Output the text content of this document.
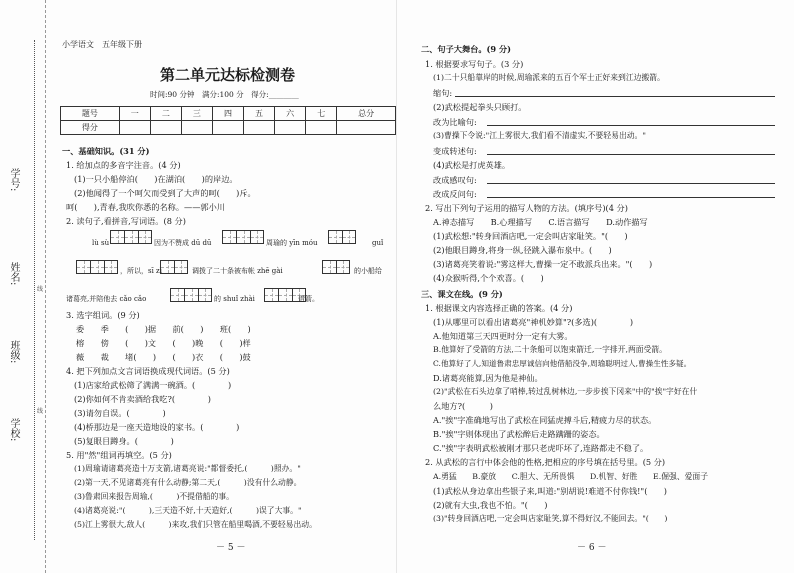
学号:
姓名:
班级:
学校:
线
线
小学语文　五年级下册
第二单元达标检测卷
时间:90 分钟　满分:100 分　得分:________
题号	一	二	三	四	五	六	七	总分
得分								
一、基础知识。(31 分)
1. 给加点的多音字注音。(4 分)
(1)一只小船停泊(　　)在湖泊(　　)的岸边。
(2)他闻得了一个呵欠而受到了大声的呵(　　)斥。
呵(　　),青春,我吹你悉的名称。——郭小川
2. 读句子,看拼音,写词语。(8 分)
lù sù	因为不赞成 dū dū	周瑜的 yīn móu	guǐ
，所以，sī zì	调拨了二十条被布帐 zhē gài	的小船给
诸葛亮,并陪他去 cǎo cǎo	的 shuǐ zhài	借箭。
3. 选字组词。(9 分)
委　　季　　(　　)据　　前(　　)　　班(　　)
榕　　傍　　(　　)文　　(　　)晚　　(　　)样
薇　　裁　　堵(　　)　　(　　)衣　　(　　)鼓
4. 把下列加点文言词语换成现代词语。(5 分)
(1)店家给武松筛了满满一碗酒。(　　　　)
(2)你如何不肯卖酒给我吃?(　　　　)
(3)请勿自误。(　　　　)
(4)桥那边是一座天造地设的家书。(　　　　)
(5)复眼目蹲身。(　　　　)
5. 用"然"组词再填空。(5 分)
(1)周瑜请诸葛亮造十万支箭,诸葛亮说:"都督委托,(　　　)照办。"
(2)第一天,不见诸葛亮有什么动静;第二天,(　　　)没有什么动静。
(3)鲁肃回来报告周瑜,(　　　)不提借船的事。
(4)诸葛亮说:"(　　　),三天造不好,十天造好,(　　　)误了大事。"
(5)江上雾很大,敌人(　　　)来攻,我们只管在船里喝酒,不要轻易出动。
－ 5 －
二、句子大舞台。(9 分)
1. 根据要求写句子。(3 分)
(1)二十只船靠岸的时候,周瑜派来的五百个军士正好来到江边搬箭。
缩句:
(2)武松提起拳头只顾打。
改为比喻句:
(3)曹操下令说:"江上雾很大,我们看不清虚实,不要轻易出动。"
变成转述句:
(4)武松是打虎英雄。
改成感叹句:
改成反问句:
2. 写出下列句子运用的描写人物的方法。(填序号)(4 分)
A.神态描写　　B.心理描写　　C.语言描写　　D.动作描写
(1)武松想:"转身回酒店吧,一定会叫店家耻笑。"(　　)
(2)他眼目蹲身,将身一纵,径跳入瀑布泉中。(　　)
(3)诸葛亮笑着说:"雾这样大,曹操一定不敢派兵出来。"(　　)
(4)众猴听得,个个欢喜。(　　)
三、课文在线。(9 分)
1. 根据课文内容选择正确的答案。(4 分)
(1)从哪里可以看出诸葛亮"神机妙算"?(多选)(　　　　)
A.他知道第三天四更时分一定有大雾。
B.他算好了受箭的方法,二十条船可以饱束箭迁,一字排开,两面受箭。
C.他算好了人,知道鲁肃忠厚诚信向他借船没争,周瑜聪明过人,曹操生性多疑。
D.诸葛亮能算,因为他是神仙。
(2)"武松在石头边拿了哨棒,转过乱树林边,一步步挨下冈来"中的"挨"字好在什
么地方?(　　　)
A."挨"字准确地写出了武松在同猛虎搏斗后,精疲力尽的状态。
B."挨"字则体现出了武松醉后走路蹒跚的姿态。
C."挨"字表明武松被刚才那只老虎吓坏了,连路都走不稳了。
2. 从武松的言行中体会他的性格,把相应的序号填在括号里。(5 分)
A.勇猛　　B.豪放　　C.胆大、无所畏惧　　D.机智、好胜　　E.倔强、爱面子
(1)武松从身边拿出些银子来,叫道:"别胡说!难道不付你钱!"(　　)
(2)就有大虫,我也不怕。"(　　)
(3)"转身回酒店吧,一定会叫店家耻笑,算不得好汉,不能回去。"(　　)
－ 6 －
